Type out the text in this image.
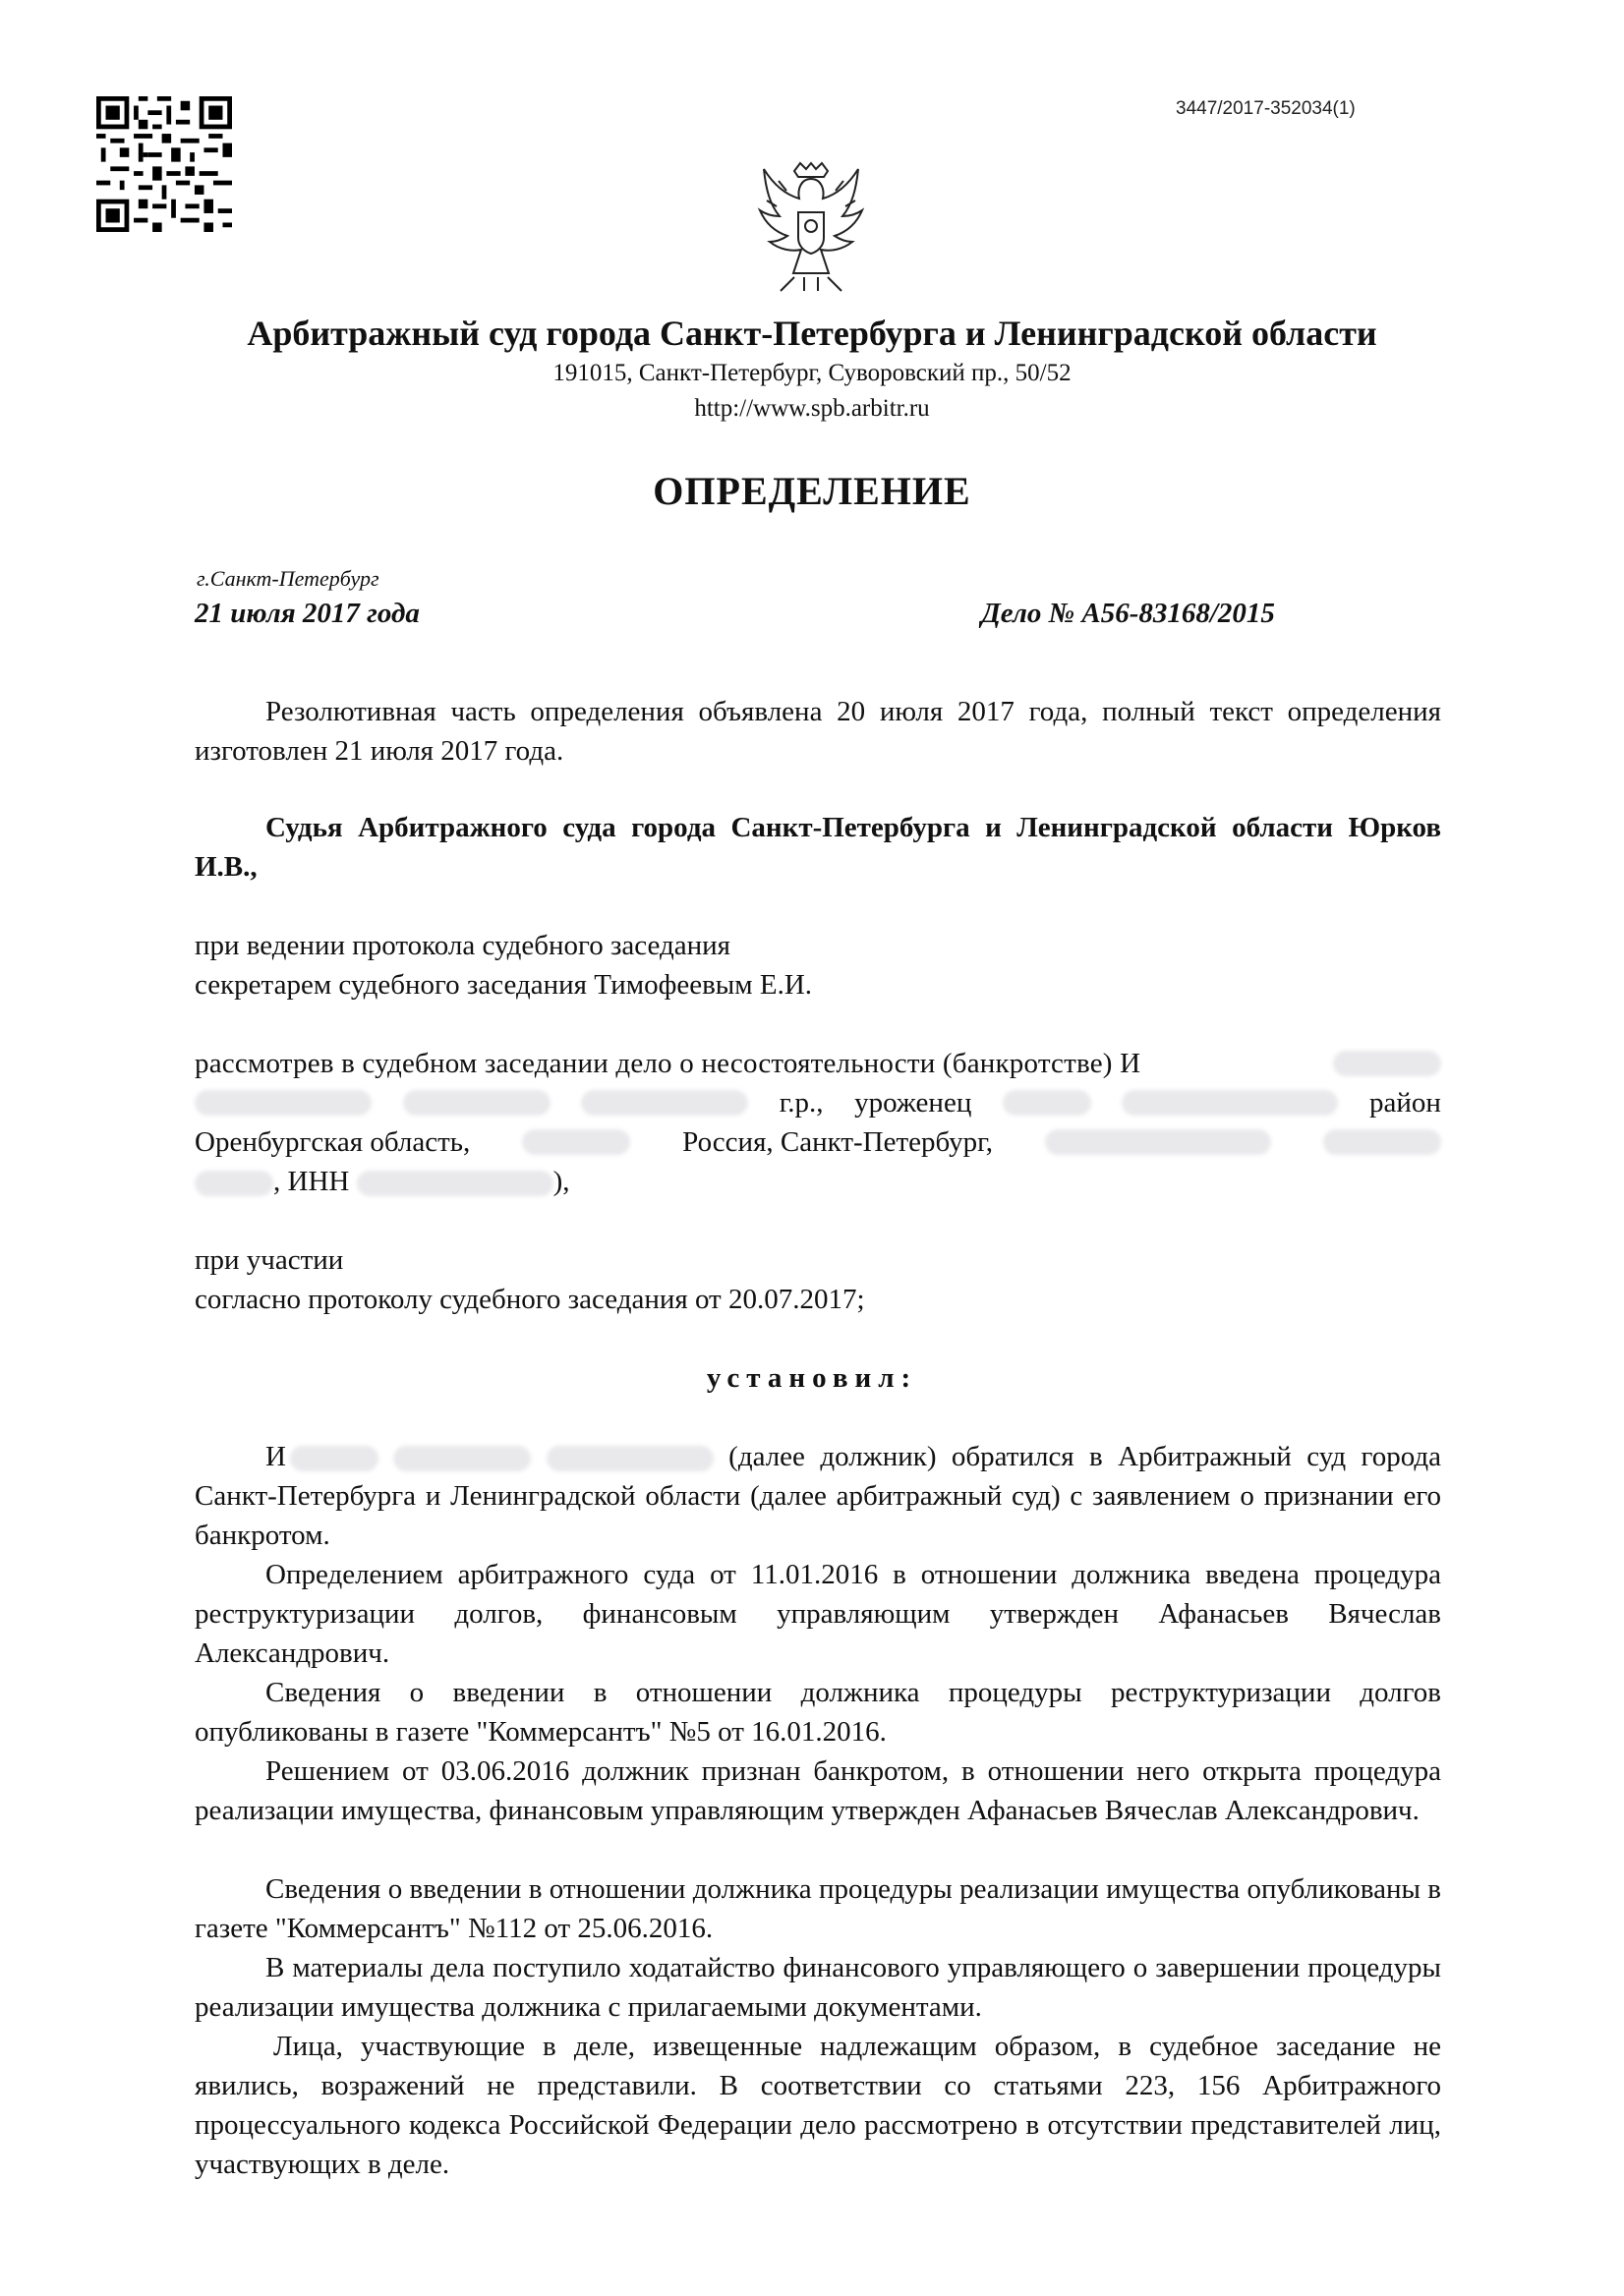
3447/2017-352034(1)
Арбитражный суд города Санкт-Петербурга и Ленинградской области
191015, Санкт-Петербург, Суворовский пр., 50/52
http://www.spb.arbitr.ru
ОПРЕДЕЛЕНИЕ
г.Санкт-Петербург
21 июля 2017 года	Дело № А56-83168/2015
Резолютивная часть определения объявлена 20 июля 2017 года, полный текст определения изготовлен 21 июля 2017 года.
Судья Арбитражного суда города Санкт-Петербурга и Ленинградской области Юрков И.В.,
при ведении протокола судебного заседания
секретарем судебного заседания Тимофеевым Е.И.
рассмотрев в судебном заседании дело о несостоятельности (банкротстве) И
г.р., уроженец	район
Оренбургская область,	Россия, Санкт-Петербург,
, ИНН	),
при участии
согласно протоколу судебного заседания от 20.07.2017;
установил:
И	(далее должник) обратился в Арбитражный суд города Санкт-Петербурга и Ленинградской области (далее арбитражный суд) с заявлением о признании его банкротом.
Определением арбитражного суда от 11.01.2016 в отношении должника введена процедура реструктуризации долгов, финансовым управляющим утвержден Афанасьев Вячеслав Александрович.
Сведения о введении в отношении должника процедуры реструктуризации долгов опубликованы в газете "Коммерсантъ" №5 от 16.01.2016.
Решением от 03.06.2016 должник признан банкротом, в отношении него открыта процедура реализации имущества, финансовым управляющим утвержден Афанасьев Вячеслав Александрович.
Сведения о введении в отношении должника процедуры реализации имущества опубликованы в газете "Коммерсантъ" №112 от 25.06.2016.
В материалы дела поступило ходатайство финансового управляющего о завершении процедуры реализации имущества должника с прилагаемыми документами.
Лица, участвующие в деле, извещенные надлежащим образом, в судебное заседание не явились, возражений не представили. В соответствии со статьями 223, 156 Арбитражного процессуального кодекса Российской Федерации дело рассмотрено в отсутствии представителей лиц, участвующих в деле.
